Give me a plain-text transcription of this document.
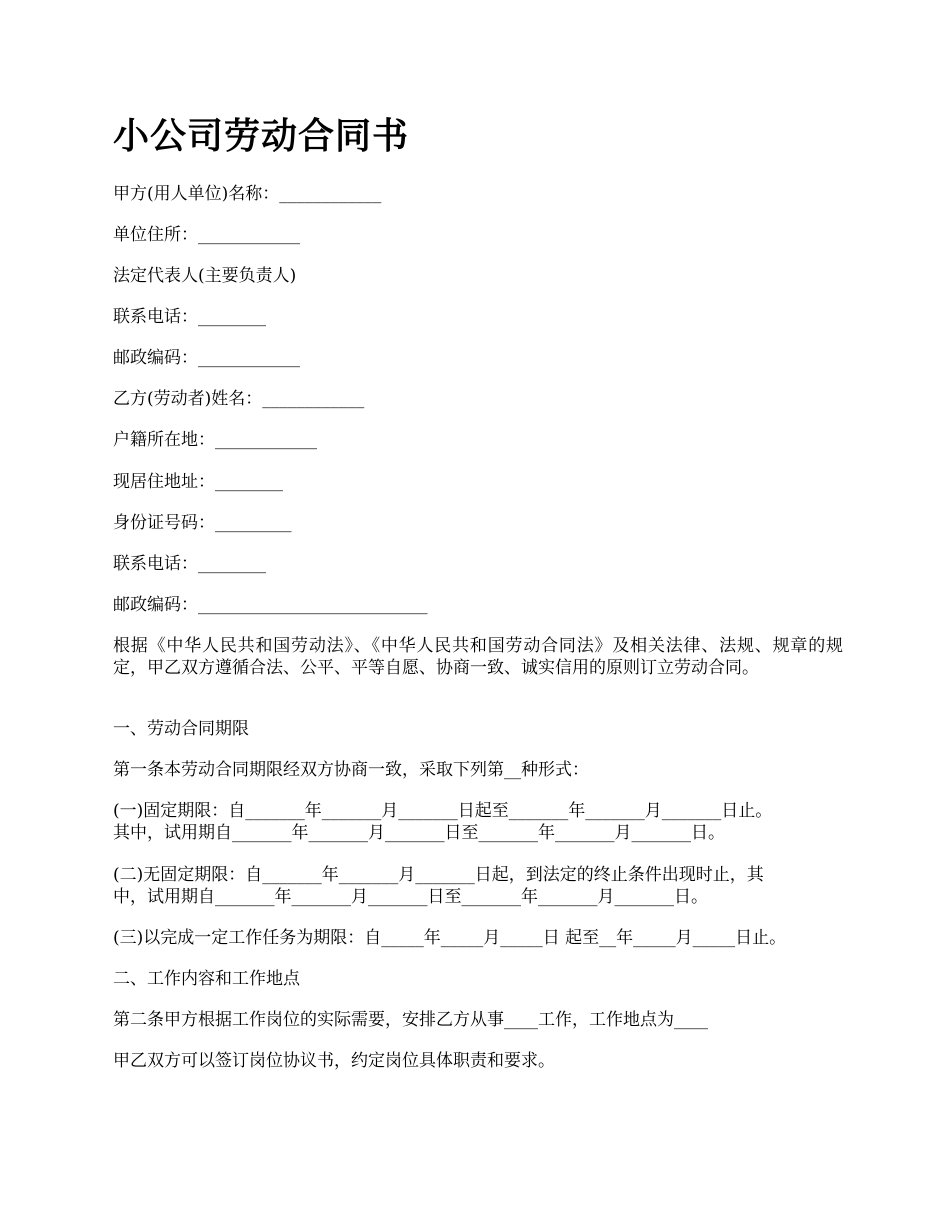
小公司劳动合同书

甲方(用人单位)名称：____________

单位住所：____________

法定代表人(主要负责人)

联系电话：________

邮政编码：____________

乙方(劳动者)姓名：____________

户籍所在地：____________

现居住地址：________

身份证号码：_________

联系电话：________

邮政编码：___________________________

根据《中华人民共和国劳动法》、《中华人民共和国劳动合同法》及相关法律、法规、规章的规定，甲乙双方遵循合法、公平、平等自愿、协商一致、诚实信用的原则订立劳动合同。

一、劳动合同期限

第一条本劳动合同期限经双方协商一致，采取下列第__种形式：

(一)固定期限：自_______年_______月_______日起至_______年_______月_______日止。

其中，试用期自_______年_______月_______日至_______年_______月_______日。

(二)无固定期限：自_______年_______月_______日起，到法定的终止条件出现时止，其

中，试用期自_______年_______月_______日至_______年_______月_______日。

(三)以完成一定工作任务为期限：自_____年_____月_____日 起至__年_____月_____日止。

二、工作内容和工作地点

第二条甲方根据工作岗位的实际需要，安排乙方从事____工作，工作地点为____

甲乙双方可以签订岗位协议书，约定岗位具体职责和要求。
